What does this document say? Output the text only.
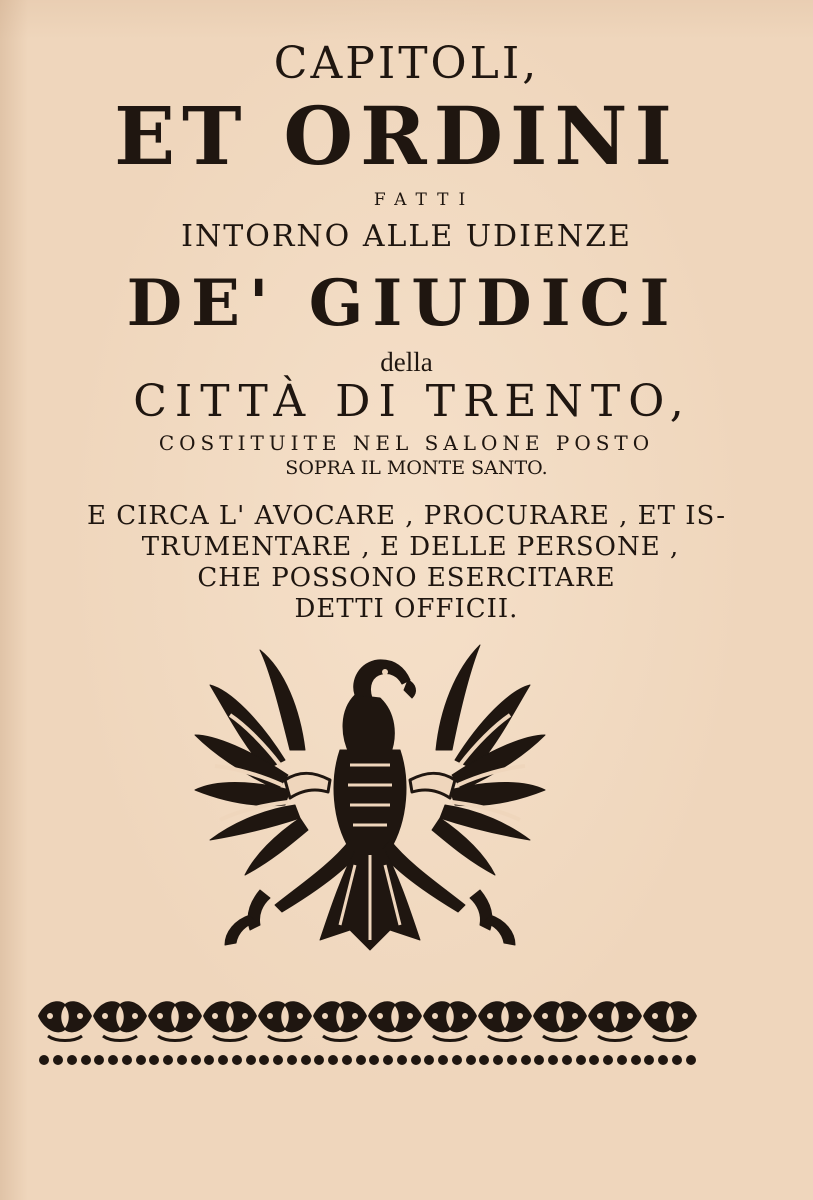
CAPITOLI,

ET ORDINI

FATTI

INTORNO ALLE UDIENZE

DE' GIUDICI

della

CITTÀ DI TRENTO,

COSTITUITE NEL SALONE POSTO

SOPRA IL MONTE SANTO.

E CIRCA L' AVOCARE , PROCURARE , ET IS-

TRUMENTARE , E DELLE PERSONE ,

CHE POSSONO ESERCITARE

DETTI OFFICII.
